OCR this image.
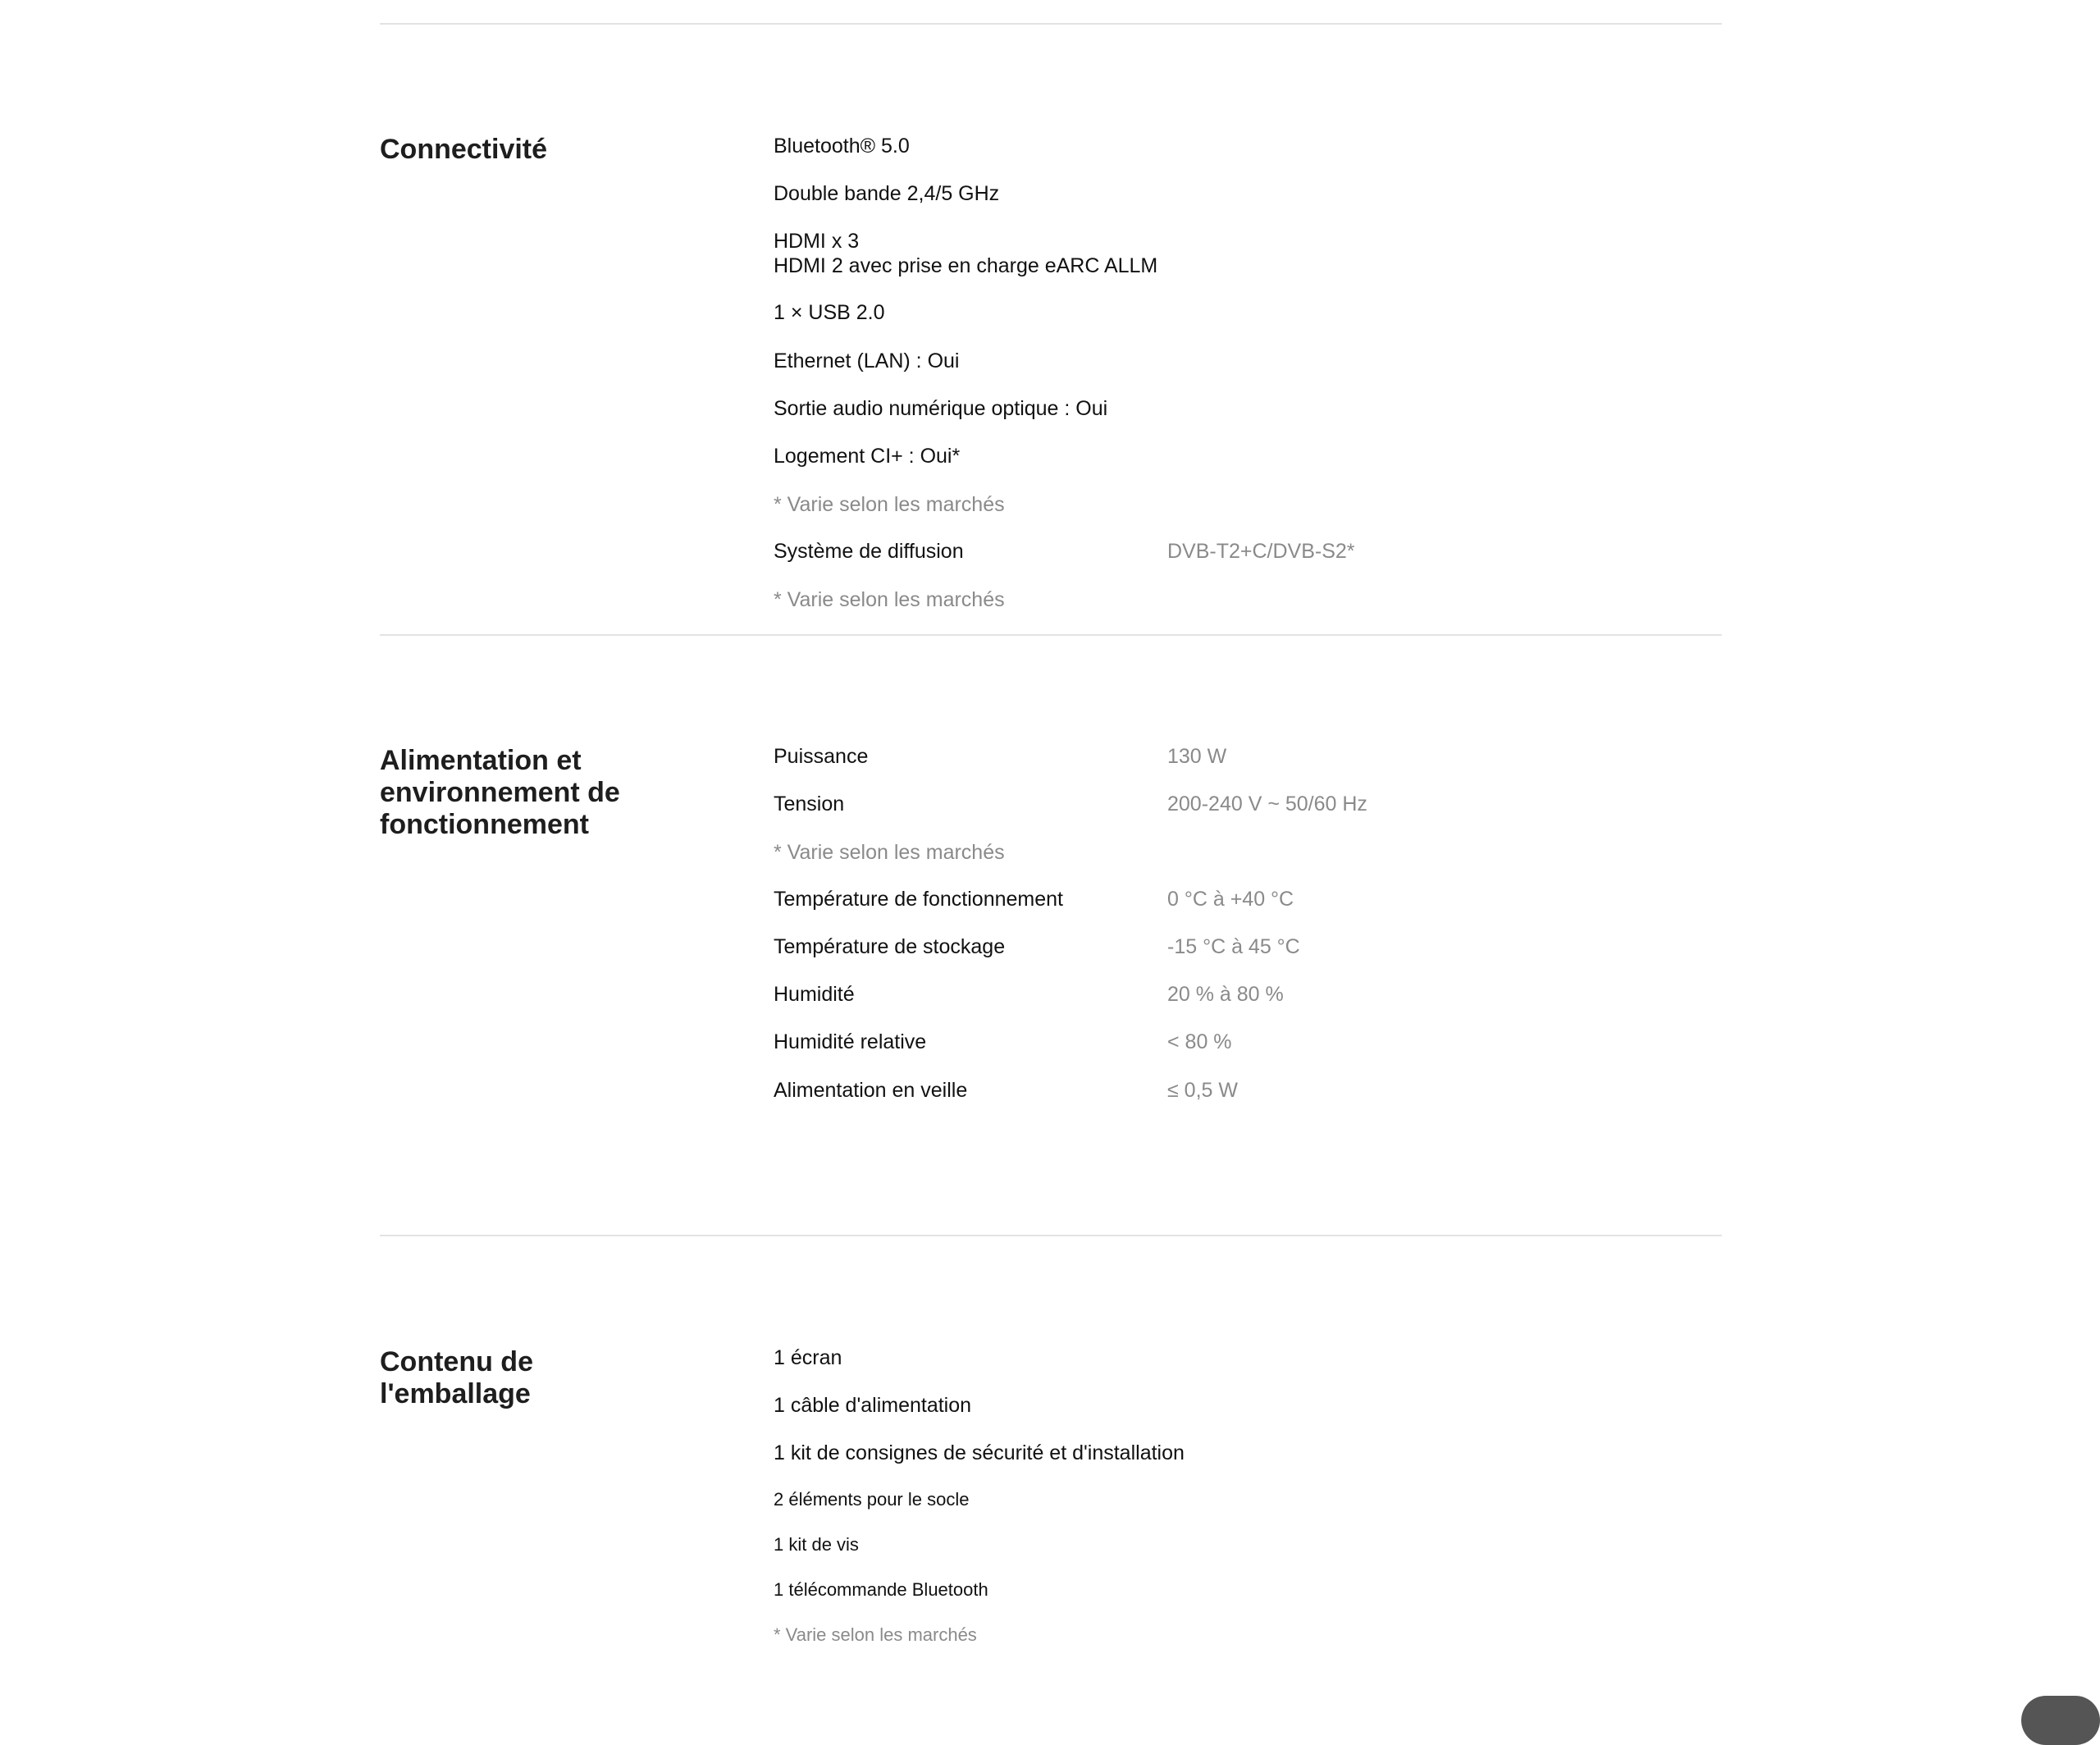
Connectivité	Bluetooth® 5.0
Double bande 2,4/5 GHz
HDMI x 3
HDMI 2 avec prise en charge eARC ALLM
1 × USB 2.0
Ethernet (LAN) : Oui
Sortie audio numérique optique : Oui
Logement CI+ : Oui*
* Varie selon les marchés
Système de diffusion	DVB-T2+C/DVB-S2*
* Varie selon les marchés
Alimentation et environnement de fonctionnement
Puissance	130 W
Tension	200-240 V ~ 50/60 Hz
* Varie selon les marchés
Température de fonctionnement	0 °C à +40 °C
Température de stockage	-15 °C à 45 °C
Humidité	20 % à 80 %
Humidité relative	< 80 %
Alimentation en veille	≤ 0,5 W
Contenu de l'emballage
1 écran
1 câble d'alimentation
1 kit de consignes de sécurité et d'installation
2 éléments pour le socle
1 kit de vis
1 télécommande Bluetooth
* Varie selon les marchés
